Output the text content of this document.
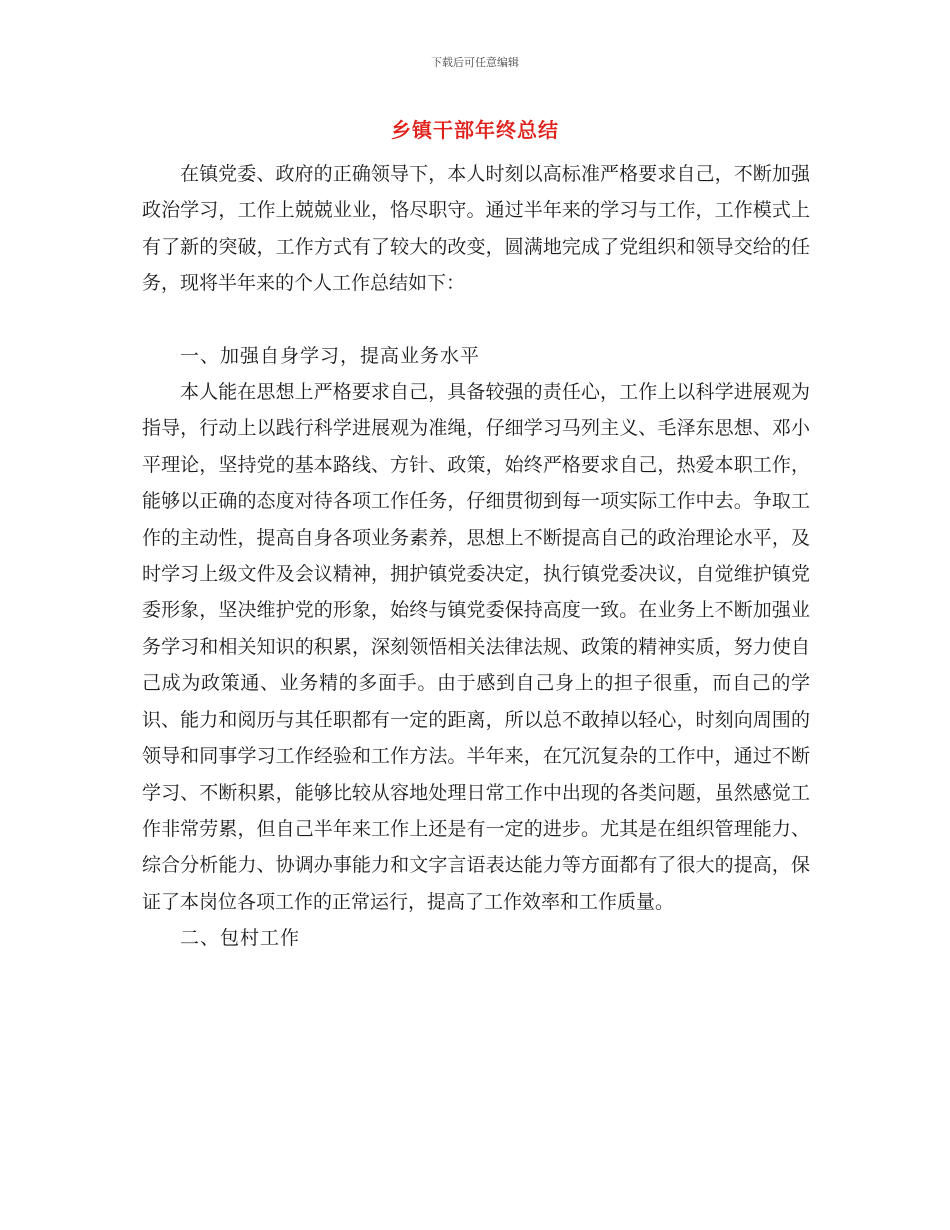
下载后可任意编辑
乡镇干部年终总结

在镇党委、政府的正确领导下，本人时刻以高标准严格要求自己，不断加强政治学习，工作上兢兢业业，恪尽职守。通过半年来的学习与工作，工作模式上有了新的突破，工作方式有了较大的改变，圆满地完成了党组织和领导交给的任务，现将半年来的个人工作总结如下：

一、加强自身学习，提高业务水平

本人能在思想上严格要求自己，具备较强的责任心，工作上以科学进展观为指导，行动上以践行科学进展观为准绳，仔细学习马列主义、毛泽东思想、邓小平理论，坚持党的基本路线、方针、政策，始终严格要求自己，热爱本职工作，能够以正确的态度对待各项工作任务，仔细贯彻到每一项实际工作中去。争取工作的主动性，提高自身各项业务素养，思想上不断提高自己的政治理论水平，及时学习上级文件及会议精神，拥护镇党委决定，执行镇党委决议，自觉维护镇党委形象，坚决维护党的形象，始终与镇党委保持高度一致。在业务上不断加强业务学习和相关知识的积累，深刻领悟相关法律法规、政策的精神实质，努力使自己成为政策通、业务精的多面手。由于感到自己身上的担子很重，而自己的学识、能力和阅历与其任职都有一定的距离，所以总不敢掉以轻心，时刻向周围的领导和同事学习工作经验和工作方法。半年来，在冗沉复杂的工作中，通过不断学习、不断积累，能够比较从容地处理日常工作中出现的各类问题，虽然感觉工作非常劳累，但自己半年来工作上还是有一定的进步。尤其是在组织管理能力、综合分析能力、协调办事能力和文字言语表达能力等方面都有了很大的提高，保证了本岗位各项工作的正常运行，提高了工作效率和工作质量。

二、包村工作
